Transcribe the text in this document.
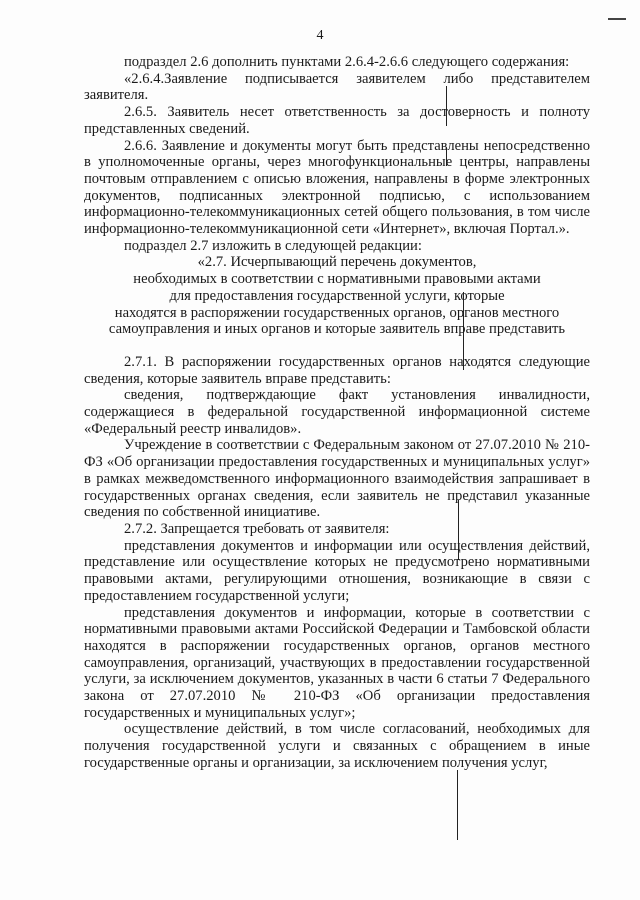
4

подраздел 2.6 дополнить пунктами 2.6.4-2.6.6 следующего содержания:

«2.6.4.Заявление подписывается заявителем либо представителем заявителя.

2.6.5. Заявитель несет ответственность за достоверность и полноту представленных сведений.

2.6.6. Заявление и документы могут быть представлены непосредственно в уполномоченные органы, через многофункциональные центры, направлены почтовым отправлением с описью вложения, направлены в форме электронных документов, подписанных электронной подписью, с использованием информационно-телекоммуникационных сетей общего пользования, в том числе информационно-телекоммуникационной сети «Интернет», включая Портал.».

подраздел 2.7 изложить в следующей редакции:

«2.7. Исчерпывающий перечень документов,

необходимых в соответствии с нормативными правовыми актами

для предоставления государственной услуги, которые

находятся в распоряжении государственных органов, органов местного

самоуправления и иных органов и которые заявитель вправе представить

2.7.1. В распоряжении государственных органов находятся следующие сведения, которые заявитель вправе представить:

сведения, подтверждающие факт установления инвалидности, содержащиеся в федеральной государственной информационной системе «Федеральный реестр инвалидов».

Учреждение в соответствии с Федеральным законом от 27.07.2010 № 210-ФЗ «Об организации предоставления государственных и муниципальных услуг» в рамках межведомственного информационного взаимодействия запрашивает в государственных органах сведения, если заявитель не представил указанные сведения по собственной инициативе.

2.7.2. Запрещается требовать от заявителя:

представления документов и информации или осуществления действий, представление или осуществление которых не предусмотрено нормативными правовыми актами, регулирующими отношения, возникающие в связи с предоставлением государственной услуги;

представления документов и информации, которые в соответствии с нормативными правовыми актами Российской Федерации и Тамбовской области находятся в распоряжении государственных органов, органов местного самоуправления, организаций, участвующих в предоставлении государственной услуги, за исключением документов, указанных в части 6 статьи 7 Федерального закона от 27.07.2010 № 210-ФЗ «Об организации предоставления государственных и муниципальных услуг»;

осуществление действий, в том числе согласований, необходимых для получения государственной услуги и связанных с обращением в иные государственные органы и организации, за исключением получения услуг,
